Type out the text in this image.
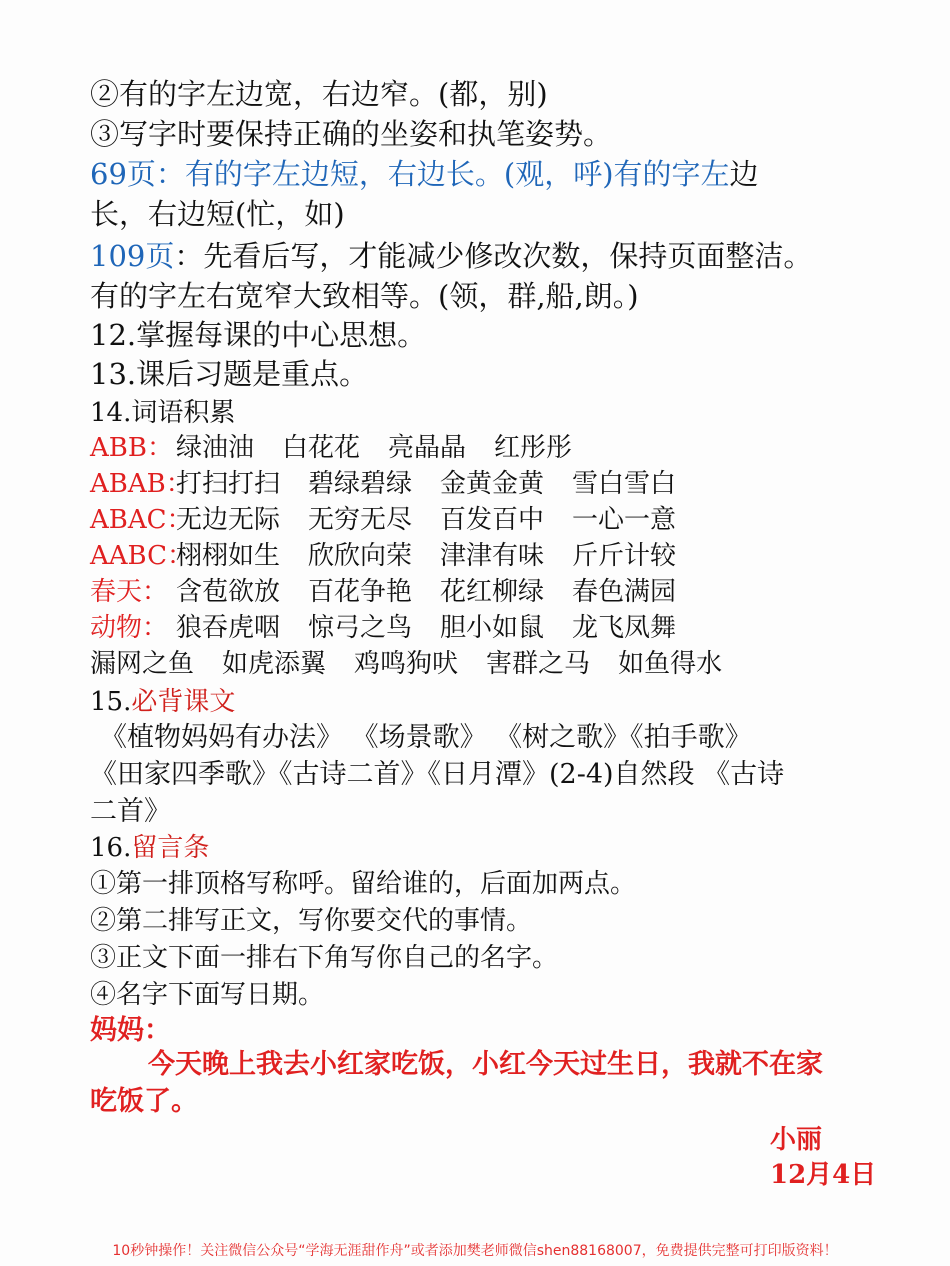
②有的字左边宽，右边窄。(都，别)
③写字时要保持正确的坐姿和执笔姿势。
69页：有的字左边短，右边长。(观，呼)有的字左边
长，右边短(忙，如)
109页：先看后写，才能减少修改次数，保持页面整洁。
有的字左右宽窄大致相等。(领，群,船,朗。)
12.掌握每课的中心思想。
13.课后习题是重点。
14.词语积累
ABB： 绿油油 白花花 亮晶晶 红彤彤
ABAB：打扫打扫 碧绿碧绿 金黄金黄 雪白雪白
ABAC：无边无际 无穷无尽 百发百中 一心一意
AABC：栩栩如生 欣欣向荣 津津有味 斤斤计较
春天： 含苞欲放 百花争艳 花红柳绿 春色满园
动物： 狼吞虎咽 惊弓之鸟 胆小如鼠 龙飞凤舞
漏网之鱼 如虎添翼 鸡鸣狗吠 害群之马 如鱼得水
15.必背课文
《植物妈妈有办法》 《场景歌》 《树之歌》《拍手歌》
《田家四季歌》《古诗二首》《日月潭》(2-4)自然段 《古诗
二首》
16.留言条
①第一排顶格写称呼。留给谁的，后面加两点。
②第二排写正文，写你要交代的事情。
③正文下面一排右下角写你自己的名字。
④名字下面写日期。
妈妈：
今天晚上我去小红家吃饭，小红今天过生日，我就不在家
吃饭了。
小丽
12月4日
10秒钟操作！关注微信公众号“学海无涯甜作舟”或者添加樊老师微信shen88168007，免费提供完整可打印版资料！
